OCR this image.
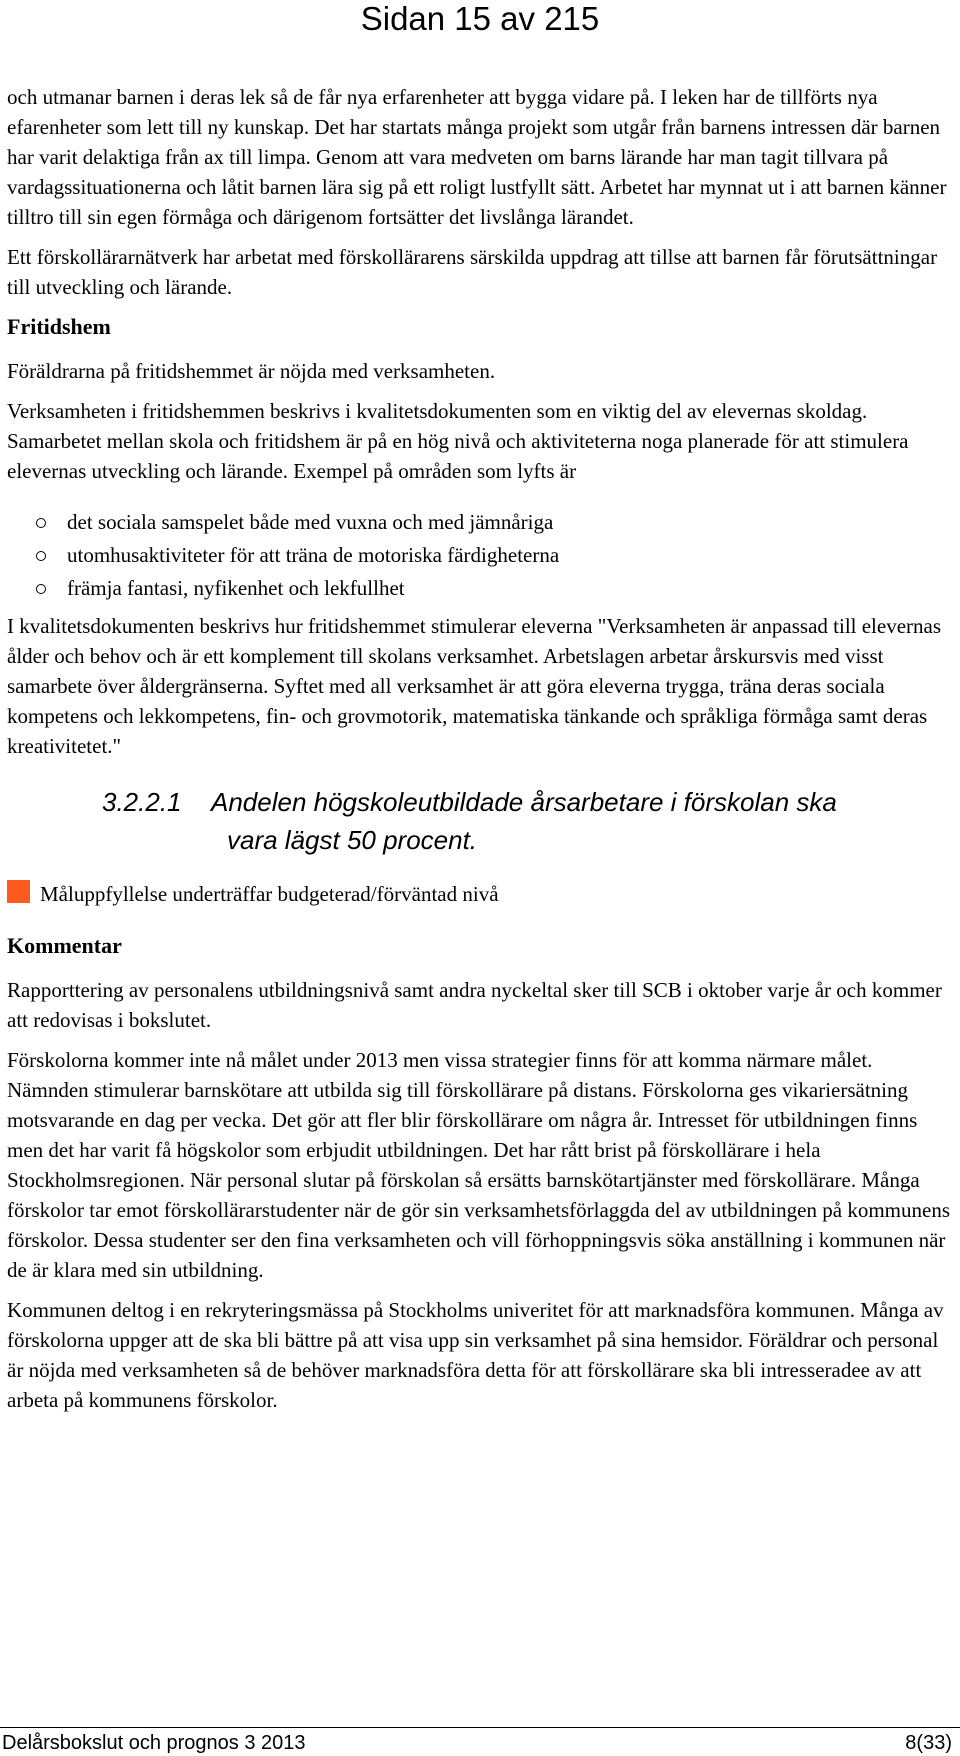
Sidan 15 av 215

och utmanar barnen i deras lek så de får nya erfarenheter att bygga vidare på. I leken har de tillförts nya efarenheter som lett till ny kunskap. Det har startats många projekt som utgår från barnens intressen där barnen har varit delaktiga från ax till limpa. Genom att vara medveten om barns lärande har man tagit tillvara på vardagssituationerna och låtit barnen lära sig på ett roligt lustfyllt sätt. Arbetet har mynnat ut i att barnen känner tilltro till sin egen förmåga och därigenom fortsätter det livslånga lärandet.

Ett förskollärarnätverk har arbetat med förskollärarens särskilda uppdrag att tillse att barnen får förutsättningar till utveckling och lärande.

Fritidshem

Föräldrarna på fritidshemmet är nöjda med verksamheten.

Verksamheten i fritidshemmen beskrivs i kvalitetsdokumenten som en viktig del av elevernas skoldag. Samarbetet mellan skola och fritidshem är på en hög nivå och aktiviteterna noga planerade för att stimulera elevernas utveckling och lärande. Exempel på områden som lyfts är

det sociala samspelet både med vuxna och med jämnåriga
utomhusaktiviteter för att träna de motoriska färdigheterna
främja fantasi, nyfikenhet och lekfullhet

I kvalitetsdokumenten beskrivs hur fritidshemmet stimulerar eleverna "Verksamheten är anpassad till elevernas ålder och behov och är ett komplement till skolans verksamhet. Arbetslagen arbetar årskursvis med visst samarbete över åldergränserna. Syftet med all verksamhet är att göra eleverna trygga, träna deras sociala kompetens och lekkompetens, fin- och grovmotorik, matematiska tänkande och språkliga förmåga samt deras kreativitetet."

3.2.2.1	Andelen högskoleutbildade årsarbetare i förskolan ska
vara lägst 50 procent.
Måluppfyllelse underträffar budgeterad/förväntad nivå
Kommentar

Rapporttering av personalens utbildningsnivå samt andra nyckeltal sker till SCB i oktober varje år och kommer att redovisas i bokslutet.

Förskolorna kommer inte nå målet under 2013 men vissa strategier finns för att komma närmare målet. Nämnden stimulerar barnskötare att utbilda sig till förskollärare på distans. Förskolorna ges vikariersätning motsvarande en dag per vecka. Det gör att fler blir förskollärare om några år. Intresset för utbildningen finns men det har varit få högskolor som erbjudit utbildningen. Det har rått brist på förskollärare i hela Stockholmsregionen. När personal slutar på förskolan så ersätts barnskötartjänster med förskollärare. Många förskolor tar emot förskollärarstudenter när de gör sin verksamhetsförlaggda del av utbildningen på kommunens förskolor. Dessa studenter ser den fina verksamheten och vill förhoppningsvis söka anställning i kommunen när de är klara med sin utbildning.

Kommunen deltog i en rekryteringsmässa på Stockholms univeritet för att marknadsföra kommunen. Många av förskolorna uppger att de ska bli bättre på att visa upp sin verksamhet på sina hemsidor. Föräldrar och personal är nöjda med verksamheten så de behöver marknadsföra detta för att förskollärare ska bli intresseradee av att arbeta på kommunens förskolor.

Delårsbokslut och prognos 3 2013	8(33)
